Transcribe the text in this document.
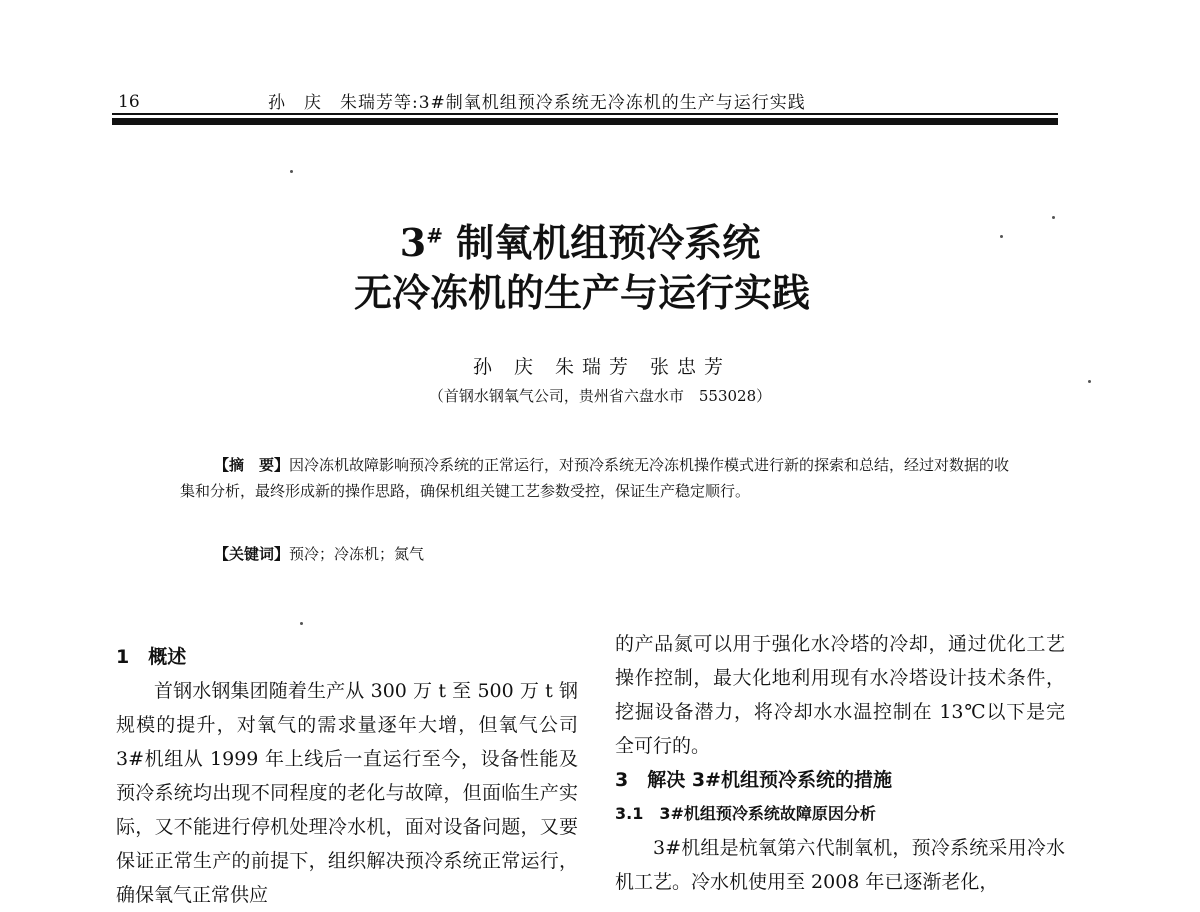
16	孙　庆　朱瑞芳等:3#制氧机组预冷系统无冷冻机的生产与运行实践
3# 制氧机组预冷系统
无冷冻机的生产与运行实践
孙 庆 朱瑞芳 张忠芳
（首钢水钢氧气公司，贵州省六盘水市　553028）

【摘　要】因冷冻机故障影响预冷系统的正常运行，对预冷系统无冷冻机操作模式进行新的探索和总结，经过对数据的收集和分析，最终形成新的操作思路，确保机组关键工艺参数受控，保证生产稳定顺行。

【关键词】预冷；冷冻机；氮气
1　概述
首钢水钢集团随着生产从 300 万 t 至 500 万 t 钢规模的提升，对氧气的需求量逐年大增，但氧气公司 3#机组从 1999 年上线后一直运行至今，设备性能及预冷系统均出现不同程度的老化与故障，但面临生产实际，又不能进行停机处理冷水机，面对设备问题，又要保证正常生产的前提下，组织解决预冷系统正常运行，确保氧气正常供应
的产品氮可以用于强化水冷塔的冷却，通过优化工艺操作控制，最大化地利用现有水冷塔设计技术条件，挖掘设备潜力，将冷却水水温控制在 13℃以下是完全可行的。
3　解决 3#机组预冷系统的措施
3.1　3#机组预冷系统故障原因分析
3#机组是杭氧第六代制氧机，预冷系统采用冷水机工艺。冷水机使用至 2008 年已逐渐老化，
